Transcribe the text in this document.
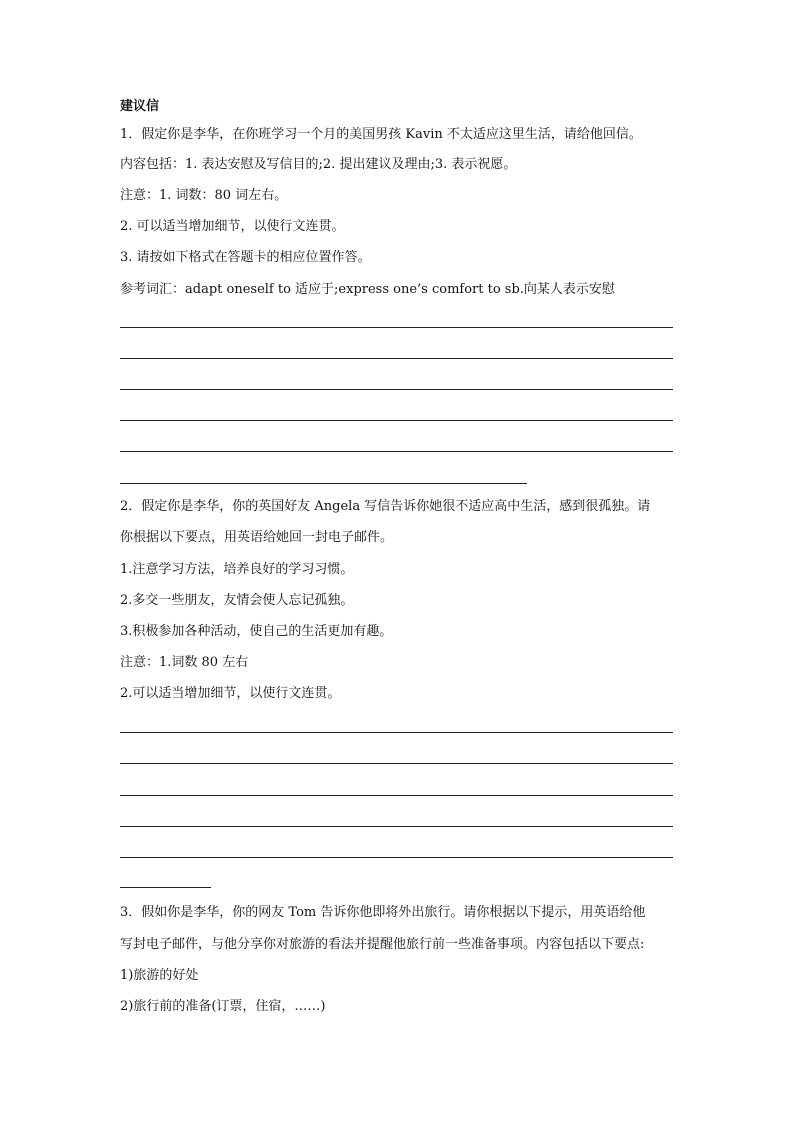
建议信
1．假定你是李华，在你班学习一个月的美国男孩 Kavin 不太适应这里生活，请给他回信。
内容包括：1. 表达安慰及写信目的;2. 提出建议及理由;3. 表示祝愿。
注意：1. 词数：80 词左右。
2. 可以适当增加细节，以使行文连贯。
3. 请按如下格式在答题卡的相应位置作答。
参考词汇：adapt oneself to 适应于;express one’s comfort to sb.向某人表示安慰
2．假定你是李华，你的英国好友 Angela 写信告诉你她很不适应高中生活，感到很孤独。请
你根据以下要点，用英语给她回一封电子邮件。
1.注意学习方法，培养良好的学习习惯。
2.多交一些朋友，友情会使人忘记孤独。
3.积极参加各种活动，使自己的生活更加有趣。
注意：1.词数 80 左右
2.可以适当增加细节，以使行文连贯。
3．假如你是李华，你的网友 Tom 告诉你他即将外出旅行。请你根据以下提示，用英语给他
写封电子邮件，与他分享你对旅游的看法并提醒他旅行前一些准备事项。内容包括以下要点:
1)旅游的好处
2)旅行前的准备(订票，住宿，……)
